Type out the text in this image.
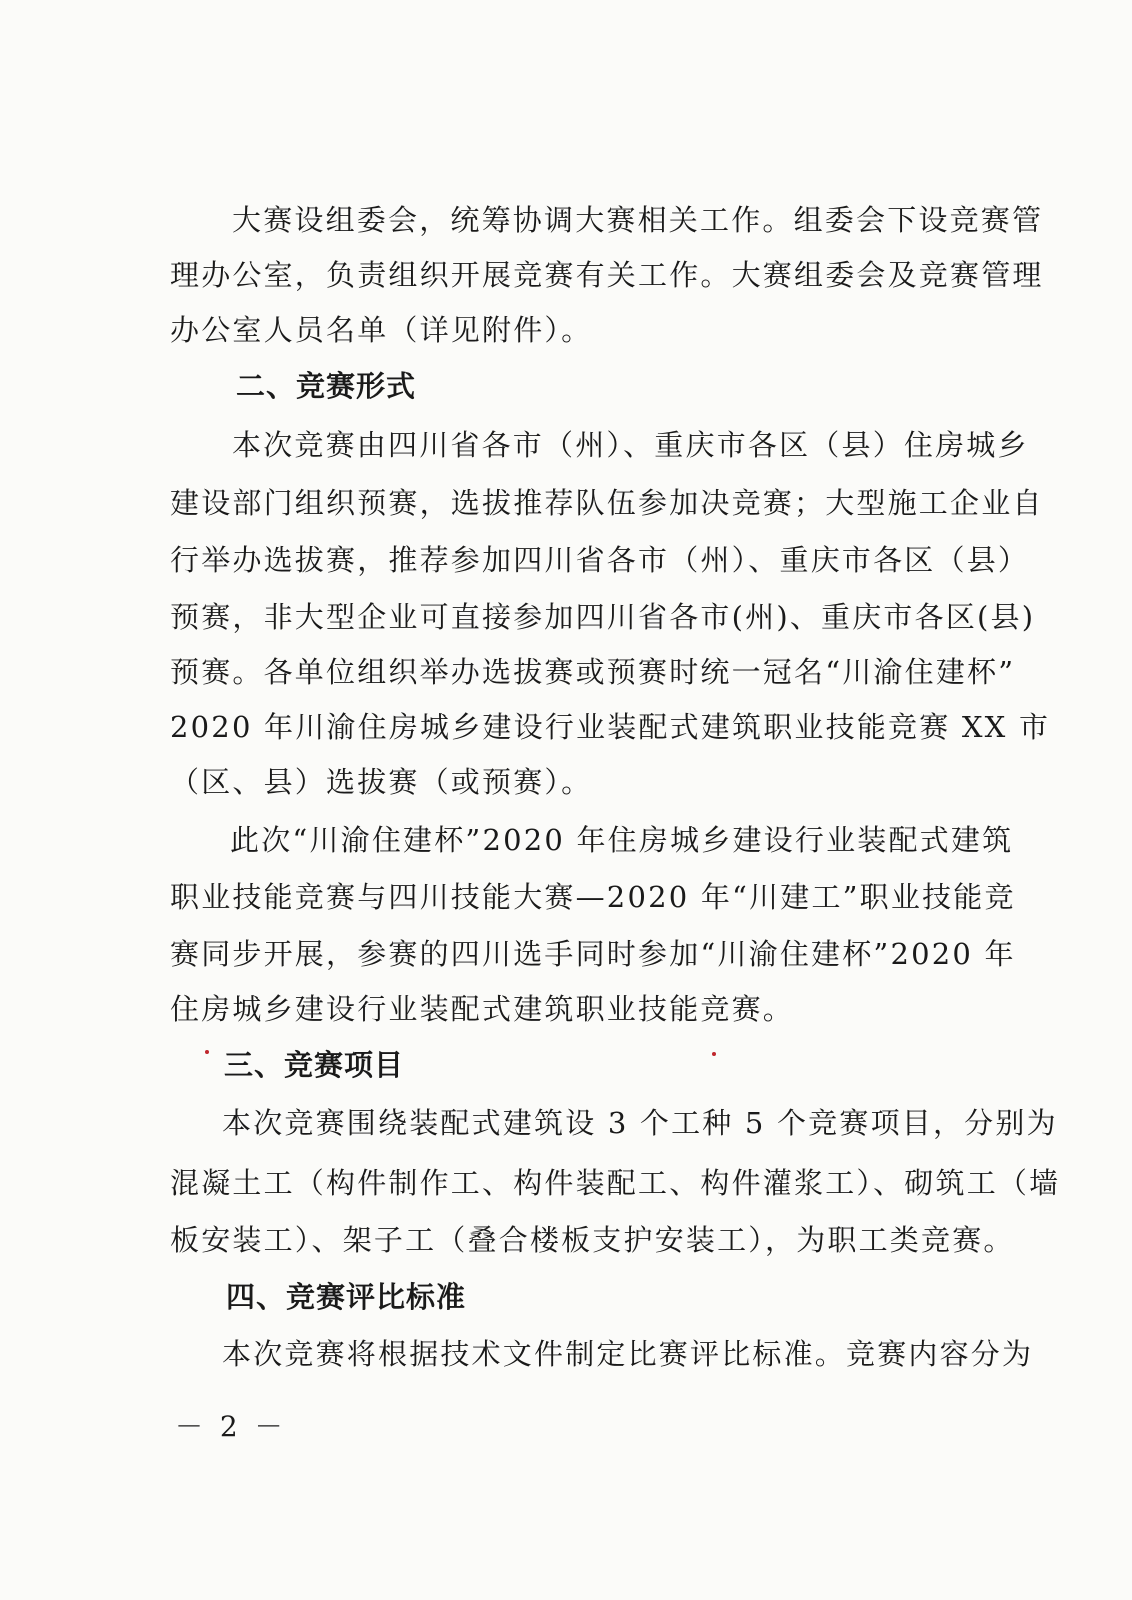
大赛设组委会，统筹协调大赛相关工作。组委会下设竞赛管
理办公室，负责组织开展竞赛有关工作。大赛组委会及竞赛管理
办公室人员名单（详见附件）。
二、竞赛形式
本次竞赛由四川省各市（州）、重庆市各区（县）住房城乡
建设部门组织预赛，选拔推荐队伍参加决竞赛；大型施工企业自
行举办选拔赛，推荐参加四川省各市（州）、重庆市各区（县）
预赛，非大型企业可直接参加四川省各市(州)、重庆市各区(县)
预赛。各单位组织举办选拔赛或预赛时统一冠名“川渝住建杯”
2020 年川渝住房城乡建设行业装配式建筑职业技能竞赛 XX 市
（区、县）选拔赛（或预赛）。
此次“川渝住建杯”2020 年住房城乡建设行业装配式建筑
职业技能竞赛与四川技能大赛—2020 年“川建工”职业技能竞
赛同步开展，参赛的四川选手同时参加“川渝住建杯”2020 年
住房城乡建设行业装配式建筑职业技能竞赛。
三、竞赛项目
本次竞赛围绕装配式建筑设 3 个工种 5 个竞赛项目，分别为
混凝土工（构件制作工、构件装配工、构件灌浆工）、砌筑工（墙
板安装工）、架子工（叠合楼板支护安装工），为职工类竞赛。
四、竞赛评比标准
本次竞赛将根据技术文件制定比赛评比标准。竞赛内容分为
－ 2 －
